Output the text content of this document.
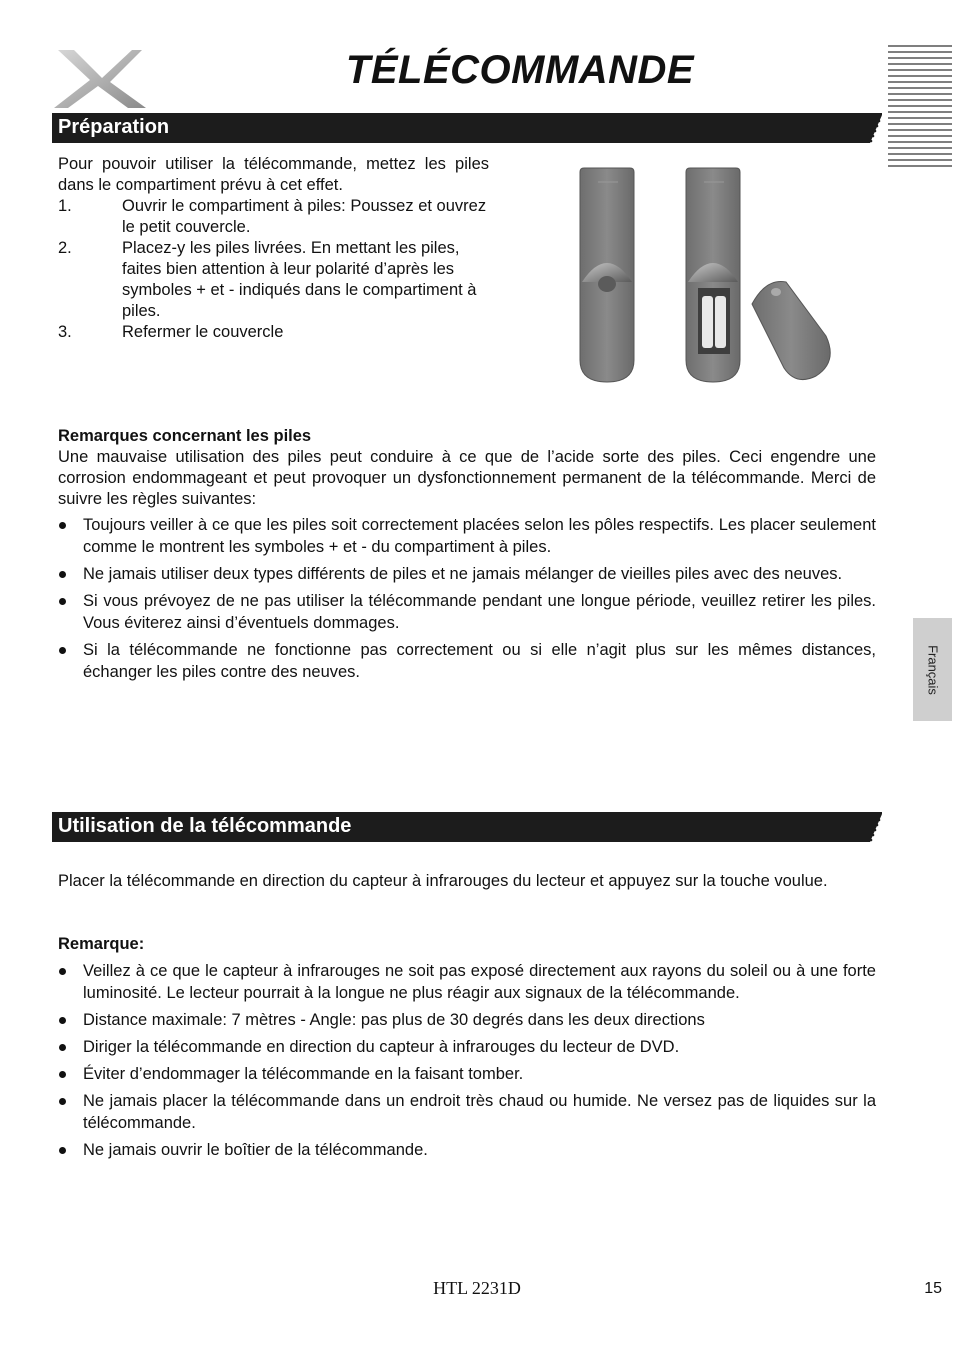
TÉLÉCOMMANDE
Préparation

Pour pouvoir utiliser la télécommande, mettez les piles dans le compartiment prévu à cet effet.

1.	Ouvrir le compartiment à piles: Poussez et ouvrez le petit couvercle.
2.	Placez-y les piles livrées. En mettant les piles, faites bien attention à leur polarité d’après les symboles + et - indiqués dans le compartiment à piles.
3.	Refermer le couvercle

Remarques concernant les piles

Une mauvaise utilisation des piles peut conduire à ce que de l’acide sorte des piles. Ceci engendre une corrosion endommageant et peut provoquer un dysfonctionnement permanent de la télécommande. Merci de suivre les règles suivantes:

Toujours veiller à ce que les piles soit correctement placées selon les pôles respectifs. Les placer seulement comme le montrent les symboles + et - du compartiment à piles.
Ne jamais utiliser deux types différents de piles et ne jamais mélanger de vieilles piles avec des neuves.
Si vous prévoyez de ne pas utiliser la télécommande pendant une longue période, veuillez retirer les piles. Vous éviterez ainsi d’éventuels dommages.
Si la télécommande ne fonctionne pas correctement ou si elle n’agit plus sur les mêmes distances, échanger les piles contre des neuves.
Utilisation de la télécommande

Placer la télécommande en direction du capteur à infrarouges du lecteur et appuyez sur la touche voulue.

Remarque:

Veillez à ce que le capteur à infrarouges ne soit pas exposé directement aux rayons du soleil ou à une forte luminosité. Le lecteur pourrait à la longue ne plus réagir aux signaux de la télécommande.
Distance maximale: 7 mètres - Angle: pas plus de 30 degrés dans les deux directions
Diriger la télécommande en direction du capteur à infrarouges du lecteur de DVD.
Éviter d’endommager la télécommande en la faisant tomber.
Ne jamais placer la télécommande dans un endroit très chaud ou humide. Ne versez pas de liquides sur la télécommande.
Ne jamais ouvrir le boîtier de la télécommande.
Français
HTL 2231D	15
